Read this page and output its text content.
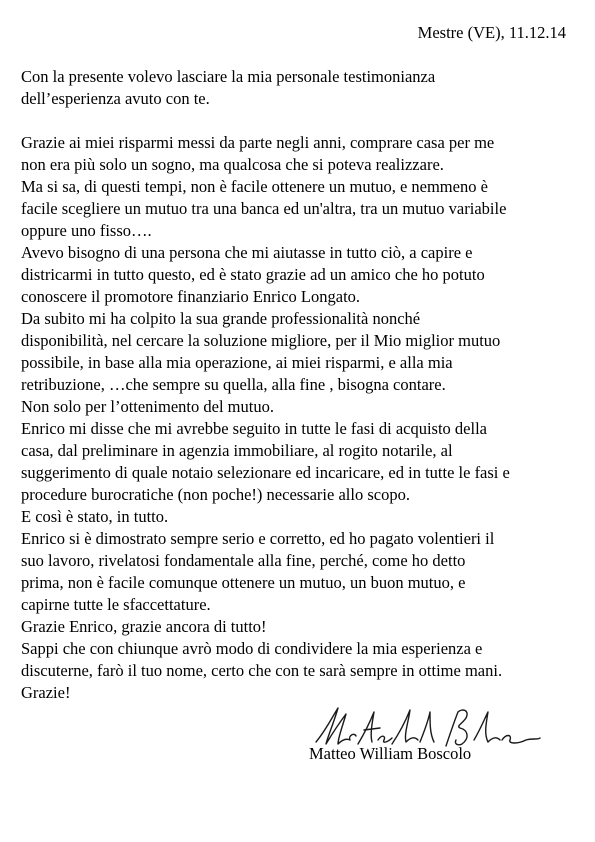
Mestre (VE), 11.12.14
Con la presente volevo lasciare la mia personale testimonianza
dell’esperienza avuto con te.
Grazie ai miei risparmi messi da parte negli anni, comprare casa per me
non era più solo un sogno, ma qualcosa che si poteva realizzare.
Ma si sa, di questi tempi, non è facile ottenere un mutuo, e nemmeno è
facile scegliere un mutuo tra una banca ed un'altra, tra un mutuo variabile
oppure uno fisso….
Avevo bisogno di una persona che mi aiutasse in tutto ciò, a capire e
districarmi in tutto questo, ed è stato grazie ad un amico che ho potuto
conoscere il promotore finanziario Enrico Longato.
Da subito mi ha colpito la sua grande professionalità nonché
disponibilità, nel cercare la soluzione migliore, per il Mio miglior mutuo
possibile, in base alla mia operazione, ai miei risparmi, e alla mia
retribuzione, …che sempre su quella, alla fine , bisogna contare.
Non solo per l’ottenimento del mutuo.
Enrico mi disse che mi avrebbe seguito in tutte le fasi di acquisto della
casa, dal preliminare in agenzia immobiliare, al rogito notarile, al
suggerimento di quale notaio selezionare ed incaricare, ed in tutte le fasi e
procedure burocratiche (non poche!) necessarie allo scopo.
E così è stato, in tutto.
Enrico si è dimostrato sempre serio e corretto, ed ho pagato volentieri il
suo lavoro, rivelatosi fondamentale alla fine, perché, come ho detto
prima, non è facile comunque ottenere un mutuo, un buon mutuo, e
capirne tutte le sfaccettature.
Grazie Enrico, grazie ancora di tutto!
Sappi che con chiunque avrò modo di condividere la mia esperienza e
discuterne, farò il tuo nome, certo che con te sarà sempre in ottime mani.
Grazie!
Matteo William Boscolo
